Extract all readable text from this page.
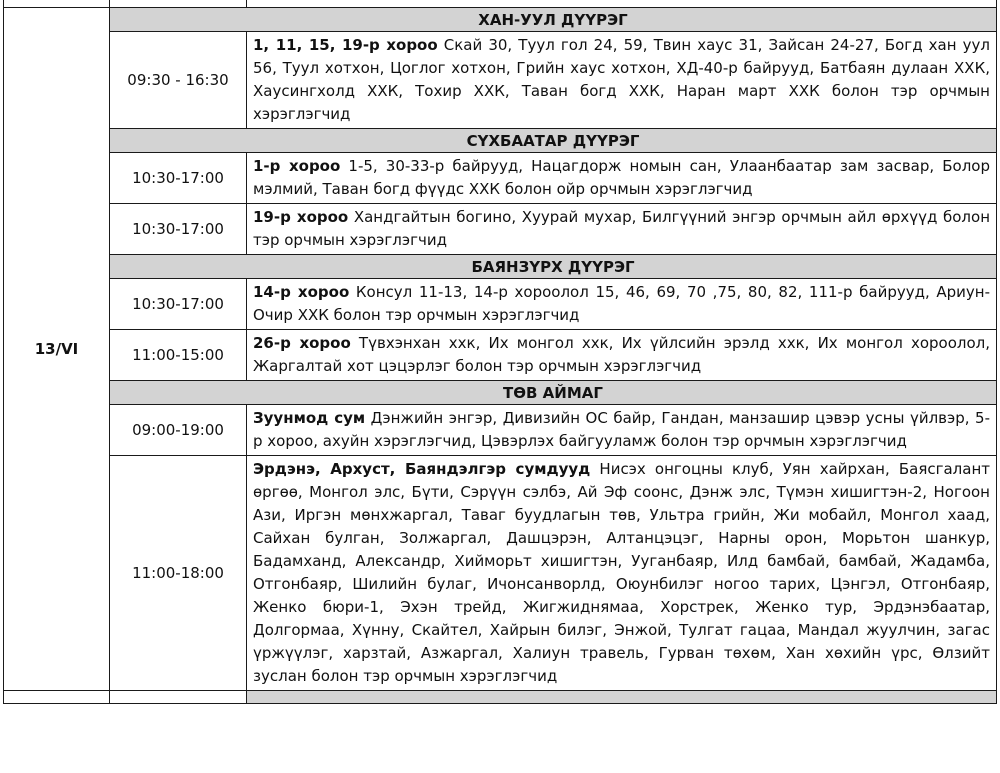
13/VI	ХАН-УУЛ ДҮҮРЭГ	
	09:30 - 16:30	1, 11, 15, 19-р хороо Скай 30, Туул гол 24, 59, Твин хаус 31, Зайсан 24-27, Богд хан уул 56, Туул хотхон, Цоглог хотхон, Грийн хаус хотхон, ХД-40-р байрууд, Батбаян дулаан ХХК, Хаусингхолд ХХК, Тохир ХХК, Таван богд ХХК, Наран март ХХК болон тэр орчмын хэрэглэгчид
	СҮХБААТАР ДҮҮРЭГ	
	10:30-17:00	1-р хороо 1-5, 30-33-р байрууд, Нацагдорж номын сан, Улаанбаатар зам засвар, Болор мэлмий, Таван богд фүүдс ХХК болон ойр орчмын хэрэглэгчид
	10:30-17:00	19-р хороо Хандгайтын богино, Хуурай мухар, Билгүүний энгэр орчмын айл өрхүүд болон тэр орчмын хэрэглэгчид
	БАЯНЗҮРХ ДҮҮРЭГ	
	10:30-17:00	14-р хороо Консул 11-13, 14-р хороолол 15, 46, 69, 70 ,75, 80, 82, 111-р байрууд, Ариун-Очир ХХК болон тэр орчмын хэрэглэгчид
	11:00-15:00	26-р хороо Түвхэнхан ххк, Их монгол ххк, Их үйлсийн эрэлд ххк, Их монгол хороолол, Жаргалтай хот цэцэрлэг болон тэр орчмын хэрэглэгчид
	ТӨВ АЙМАГ	
	09:00-19:00	Зуунмод сум Дэнжийн энгэр, Дивизийн ОС байр, Гандан, манзашир цэвэр усны үйлвэр, 5-р хороо, ахуйн хэрэглэгчид, Цэвэрлэх байгууламж болон тэр орчмын хэрэглэгчид
	11:00-18:00	Эрдэнэ, Архуст, Баяндэлгэр сумдууд Нисэх онгоцны клуб, Уян хайрхан, Баясгалант өргөө, Монгол элс, Бүти, Сэрүүн сэлбэ, Ай Эф соонс, Дэнж элс, Түмэн хишигтэн-2, Ногоон Ази, Иргэн мөнхжаргал, Таваг буудлагын төв, Ультра грийн, Жи мобайл, Монгол хаад, Сайхан булган, Золжаргал, Дашцэрэн, Алтанцэцэг, Нарны орон, Морьтон шанкур, Бадамханд, Александр, Хийморьт хишигтэн, Ууганбаяр, Илд бамбай, бамбай, Жадамба, Отгонбаяр, Шилийн булаг, Ичонсанворлд, Оюунбилэг ногоо тарих, Цэнгэл, Отгонбаяр, Женко бюри-1, Эхэн трейд, Жигжиднямаа, Хорстрек, Женко тур, Эрдэнэбаатар, Долгормаа, Хүнну, Скайтел, Хайрын билэг, Энжой, Тулгат гацаа, Мандал жуулчин, загас үржүүлэг, харзтай, Азжаргал, Халиун травель, Гурван төхөм, Хан хөхийн үрс, Өлзийт зуслан болон тэр орчмын хэрэглэгчид
